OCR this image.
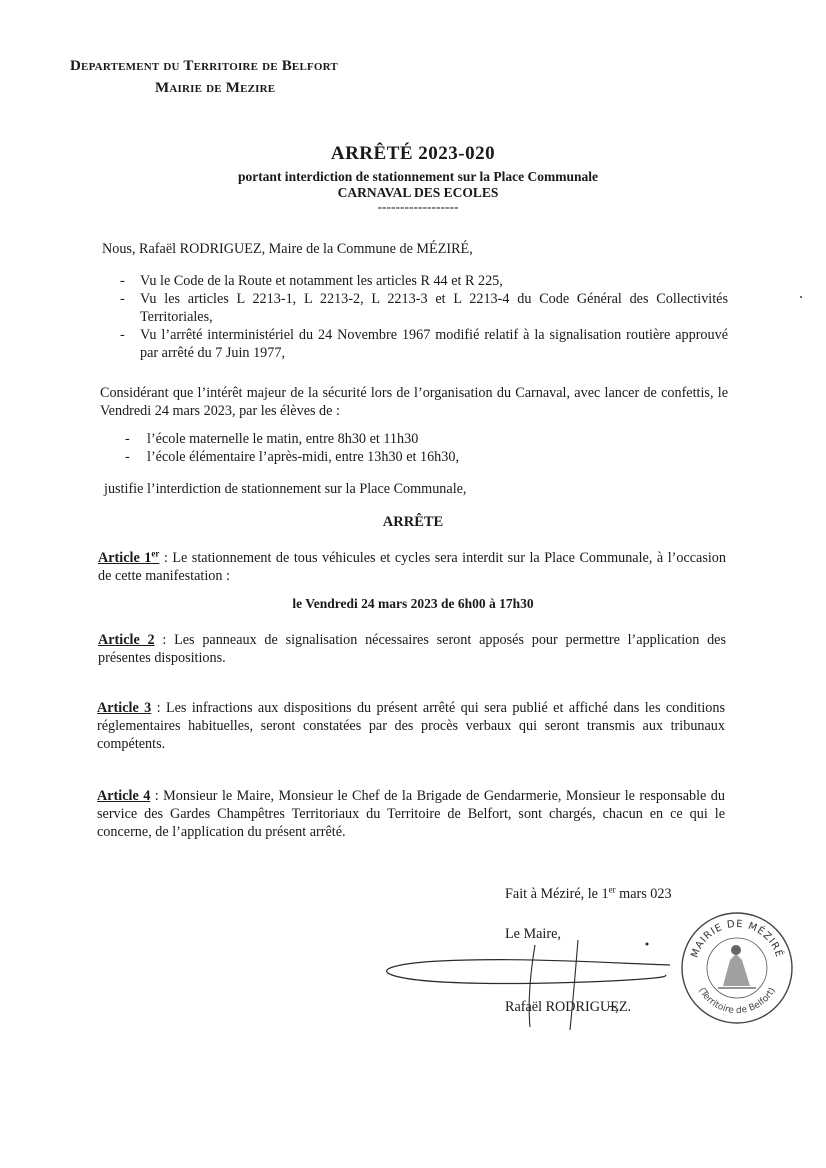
Departement du Territoire de Belfort
Mairie de Mezire
ARRÊTÉ 2023-020
portant interdiction de stationnement sur la Place Communale
CARNAVAL DES ECOLES
------------------
Nous, Rafaël RODRIGUEZ, Maire de la Commune de MÉZIRÉ,
- Vu le Code de la Route et notamment les articles R 44 et R 225,
- Vu les articles L 2213-1, L 2213-2, L 2213-3 et L 2213-4 du Code Général des Collectivités Territoriales,
- Vu l’arrêté interministériel du 24 Novembre 1967 modifié relatif à la signalisation routière approuvé par arrêté du 7 Juin 1977,
Considérant que l’intérêt majeur de la sécurité lors de l’organisation du Carnaval, avec lancer de confettis, le Vendredi 24 mars 2023, par les élèves de :
- l’école maternelle le matin, entre 8h30 et 11h30
- l’école élémentaire l’après-midi, entre 13h30 et 16h30,
justifie l’interdiction de stationnement sur la Place Communale,
ARRÊTE
Article 1er : Le stationnement de tous véhicules et cycles sera interdit sur la Place Communale, à l’occasion de cette manifestation :
le Vendredi 24 mars 2023 de 6h00 à 17h30
Article 2 : Les panneaux de signalisation nécessaires seront apposés pour permettre l’application des présentes dispositions.
Article 3 : Les infractions aux dispositions du présent arrêté qui sera publié et affiché dans les conditions réglementaires habituelles, seront constatées par des procès verbaux qui seront transmis aux tribunaux compétents.
Article 4 : Monsieur le Maire, Monsieur le Chef de la Brigade de Gendarmerie, Monsieur le responsable du service des Gardes Champêtres Territoriaux du Territoire de Belfort, sont chargés, chacun en ce qui le concerne, de l’application du présent arrêté.
Fait à Méziré, le 1er mars 023
Le Maire,
Rafaël RODRIGUEZ.
MAIRIE DE MÉZIRÉ
(Territoire de Belfort)
